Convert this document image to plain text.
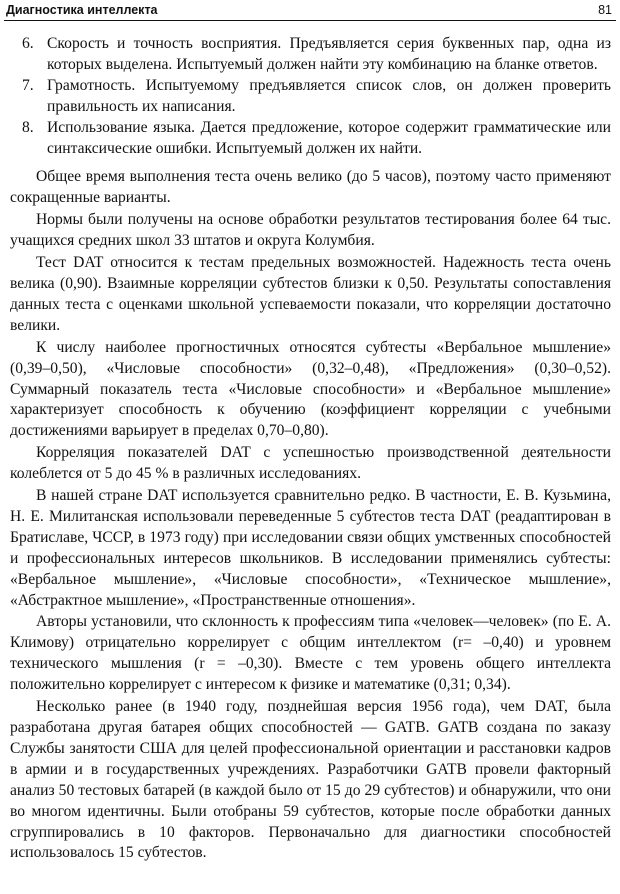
Диагностика интеллекта	81
6. Скорость и точность восприятия. Предъявляется серия буквенных пар, одна из которых выделена. Испытуемый должен найти эту комбинацию на бланке ответов.
7. Грамотность. Испытуемому предъявляется список слов, он должен проверить правильность их написания.
8. Использование языка. Дается предложение, которое содержит грамматические или синтаксические ошибки. Испытуемый должен их найти.

Общее время выполнения теста очень велико (до 5 часов), поэтому часто применяют сокращенные варианты.

Нормы были получены на основе обработки результатов тестирования более 64 тыс. учащихся средних школ 33 штатов и округа Колумбия.

Тест DAT относится к тестам предельных возможностей. Надежность теста очень велика (0,90). Взаимные корреляции субтестов близки к 0,50. Результаты сопоставления данных теста с оценками школьной успеваемости показали, что корреляции достаточно велики.

К числу наиболее прогностичных относятся субтесты «Вербальное мышление» (0,39–0,50), «Числовые способности» (0,32–0,48), «Предложения» (0,30–0,52). Суммарный показатель теста «Числовые способности» и «Вербальное мышление» характеризует способность к обучению (коэффициент корреляции с учебными достижениями варьирует в пределах 0,70–0,80).

Корреляция показателей DAT с успешностью производственной деятельности колеблется от 5 до 45 % в различных исследованиях.

В нашей стране DAT используется сравнительно редко. В частности, Е. В. Кузьмина, Н. Е. Милитанская использовали переведенные 5 субтестов теста DAT (реадаптирован в Братиславе, ЧССР, в 1973 году) при исследовании связи общих умственных способностей и профессиональных интересов школьников. В исследовании применялись субтесты: «Вербальное мышление», «Числовые способности», «Техническое мышление», «Абстрактное мышление», «Пространственные отношения».

Авторы установили, что склонность к профессиям типа «человек—человек» (по Е. А. Климову) отрицательно коррелирует с общим интеллектом (r= –0,40) и уровнем технического мышления (r = –0,30). Вместе с тем уровень общего интеллекта положительно коррелирует с интересом к физике и математике (0,31; 0,34).

Несколько ранее (в 1940 году, позднейшая версия 1956 года), чем DAT, была разработана другая батарея общих способностей — GATB. GATB создана по заказу Службы занятости США для целей профессиональной ориентации и расстановки кадров в армии и в государственных учреждениях. Разработчики GATB провели факторный анализ 50 тестовых батарей (в каждой было от 15 до 29 субтестов) и обнаружили, что они во многом идентичны. Были отобраны 59 субтестов, которые после обработки данных сгруппировались в 10 факторов. Первоначально для диагностики способностей использовалось 15 субтестов.
